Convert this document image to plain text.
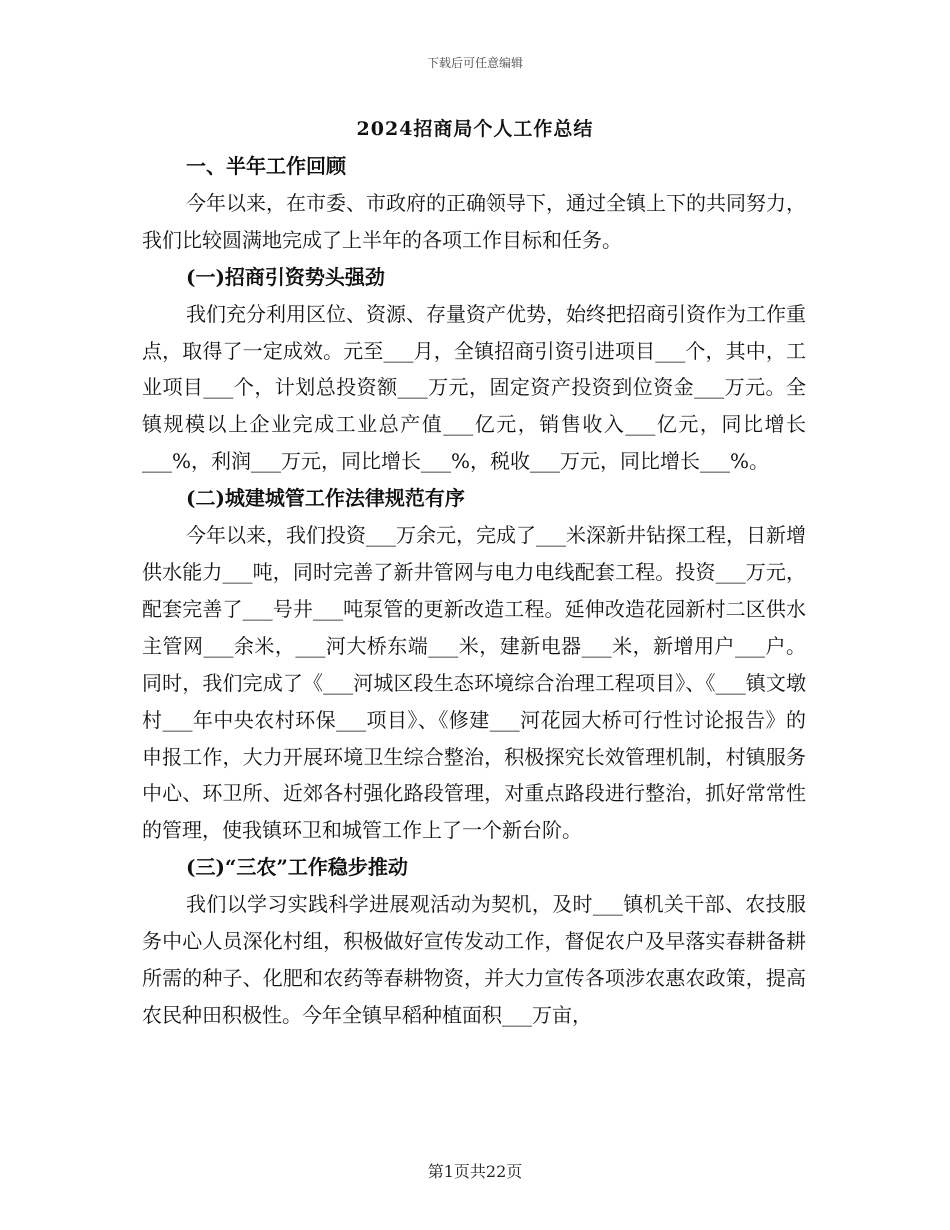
下载后可任意编辑
2024招商局个人工作总结

一、半年工作回顾

今年以来，在市委、市政府的正确领导下，通过全镇上下的共同努力，我们比较圆满地完成了上半年的各项工作目标和任务。

(一)招商引资势头强劲

我们充分利用区位、资源、存量资产优势，始终把招商引资作为工作重点，取得了一定成效。元至___月，全镇招商引资引进项目___个，其中，工业项目___个，计划总投资额___万元，固定资产投资到位资金___万元。全镇规模以上企业完成工业总产值___亿元，销售收入___亿元，同比增长___%，利润___万元，同比增长___%，税收___万元，同比增长___%。

(二)城建城管工作法律规范有序

今年以来，我们投资___万余元，完成了___米深新井钻探工程，日新增供水能力___吨，同时完善了新井管网与电力电线配套工程。投资___万元，配套完善了___号井___吨泵管的更新改造工程。延伸改造花园新村二区供水主管网___余米，___河大桥东端___米，建新电器___米，新增用户___户。同时，我们完成了《___河城区段生态环境综合治理工程项目》、《___镇文墩村___年中央农村环保___项目》、《修建___河花园大桥可行性讨论报告》的申报工作，大力开展环境卫生综合整治，积极探究长效管理机制，村镇服务中心、环卫所、近郊各村强化路段管理，对重点路段进行整治，抓好常常性的管理，使我镇环卫和城管工作上了一个新台阶。

(三)“三农”工作稳步推动

我们以学习实践科学进展观活动为契机，及时___镇机关干部、农技服务中心人员深化村组，积极做好宣传发动工作，督促农户及早落实春耕备耕所需的种子、化肥和农药等春耕物资，并大力宣传各项涉农惠农政策，提高农民种田积极性。今年全镇早稻种植面积___万亩，

第1页共22页
